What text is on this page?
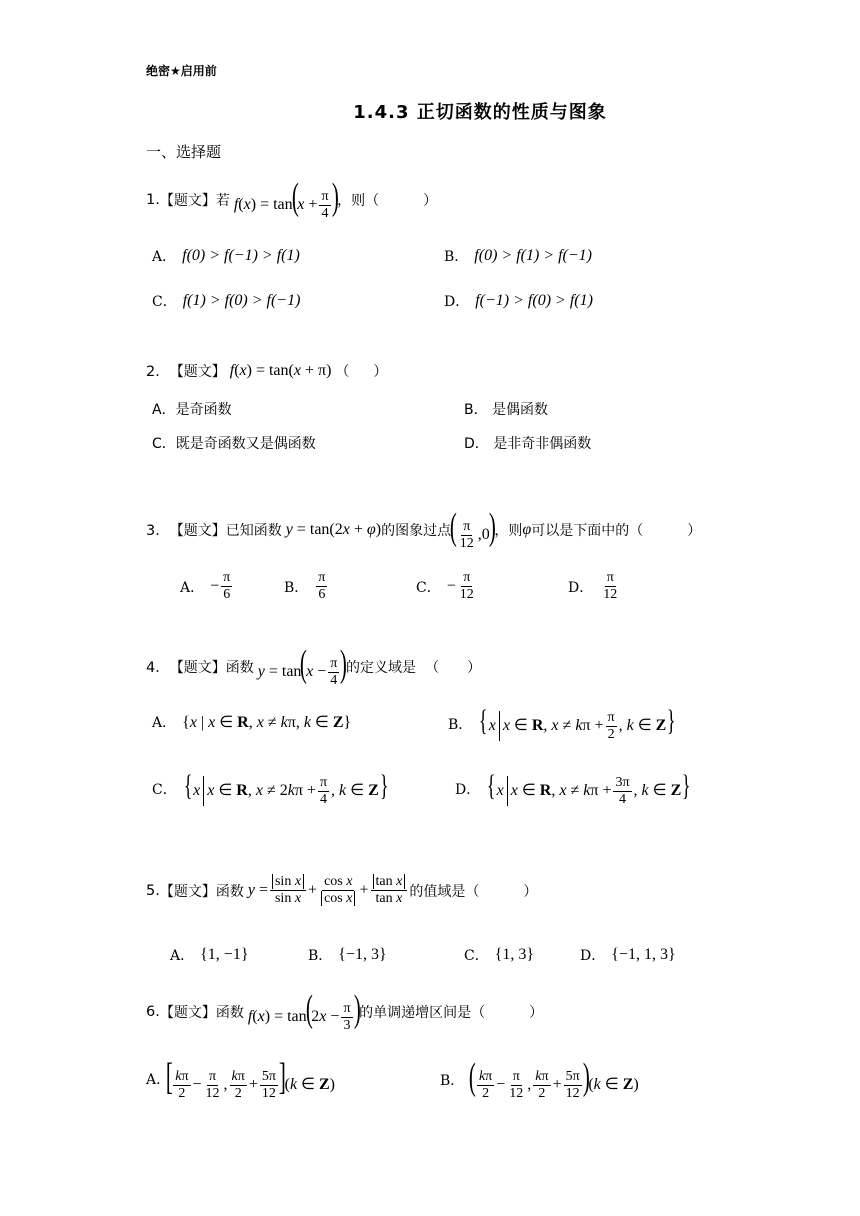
绝密★启用前
1.4.3 正切函数的性质与图象
一、选择题
1. 【题文】 若 $f(x) = \tan(x + \frac{\pi}{4}$ )
，则（	）
A． f(0) > f(−1) > f(1)	B． f(0) > f(1) > f(−1)
C． f(1) > f(0) > f(−1)	D． f(−1) > f(0) > f(1)
2． 【题文】 f(x) = tan(x + π) （ ）
A．是奇函数	B． 是偶函数
C．既是奇函数又是偶函数	D． 是非奇非偶函数
3． 【题文】 已知函数 y = tan(2x + φ) 的图象过点
( $\frac{\pi}{12} ,0$)
，则 φ 可以是下面中的（	）
A． − $\frac{\pi}{6}$	B． $\frac{\pi}{6}$	C． − $\frac{\pi}{12}$	D． $\frac{\pi}{12}$
4． 【题文】 函数 $y = \tan(x - \frac{\pi}{4}$ )
的定义域是
（　　）
A． {x | x ∈ R, x ≠ kπ, k ∈ Z}	B． {x x ∈ R, $x \ne k\pi + \frac{\pi}{2}$ , k ∈ Z}
C． {x x ∈ R, $x \ne 2k\pi + \frac{\pi}{4}$ , k ∈ Z}	D． {x x ∈ R, $x \ne k\pi + \frac{3\pi}{4}$ , k ∈ Z}
5. 【题文】 函数 $y = \frac{\text{sin x}}{\text{sin x}} + \frac{\text{cos x}}{\text{cos x}} + \frac{\text{tan x}}{\text{tan x}}$ 的值域是（	）
A． {1, −1}	B． {−1, 3}	C． {1, 3}	D． {−1, 1, 3}
6. 【题文】 函数 $f(x) = \tan(2x - \frac{\pi}{3}$ )
的单调递增区间是（	）
A. [ $\frac{k\pi}{2} - \frac{\pi}{12}$ , $\frac{k\pi}{2} + \frac{5\pi}{12} ](k$ ∈ Z)	B． ( $\frac{k\pi}{2} - \frac{\pi}{12}$ , $\frac{k\pi}{2} + \frac{5\pi}{12} )(k$ ∈ Z)
